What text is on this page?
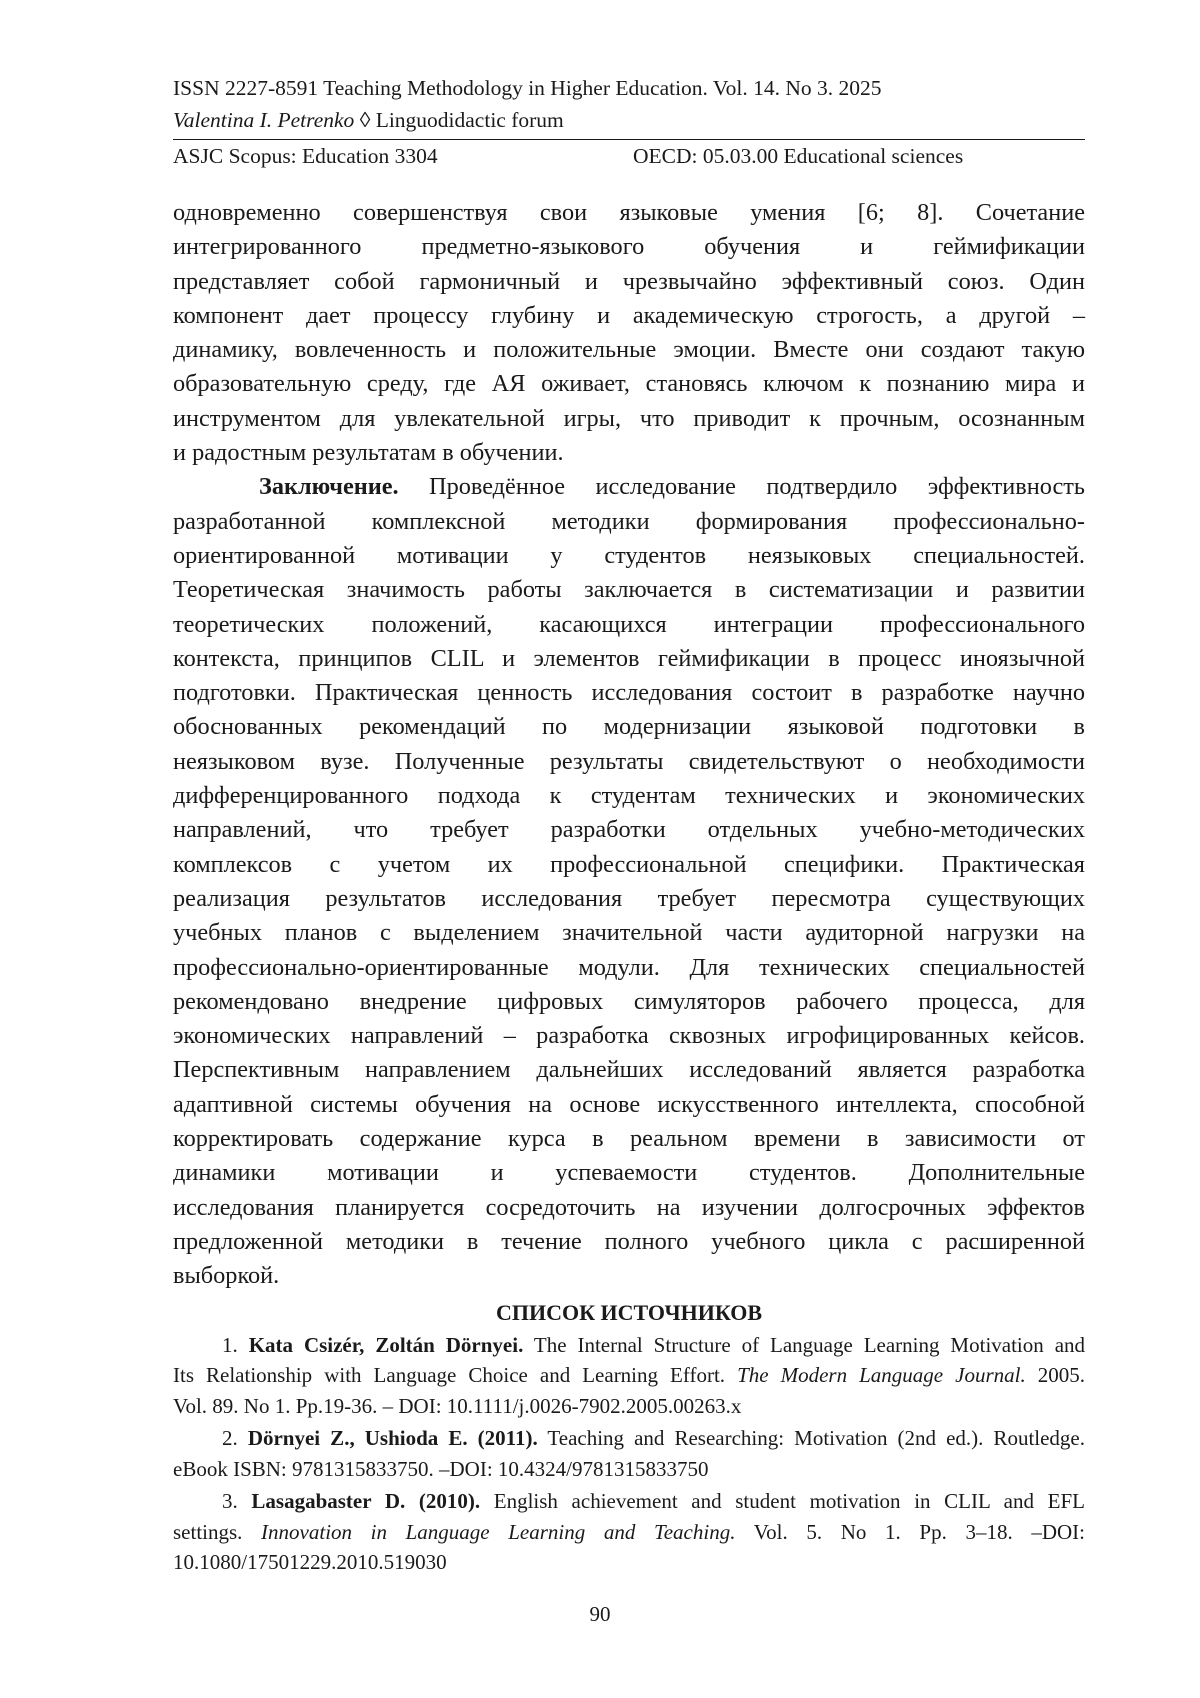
ISSN 2227-8591 Teaching Methodology in Higher Education. Vol. 14. No 3. 2025
Valentina I. Petrenko ◊ Linguodidactic forum
ASJC Scopus: Education 3304	OECD: 05.03.00 Educational sciences
одновременно совершенствуя свои языковые умения [6; 8]. Сочетание
интегрированного предметно-языкового обучения и геймификации
представляет собой гармоничный и чрезвычайно эффективный союз. Один
компонент дает процессу глубину и академическую строгость, а другой –
динамику, вовлеченность и положительные эмоции. Вместе они создают такую
образовательную среду, где АЯ оживает, становясь ключом к познанию мира и
инструментом для увлекательной игры, что приводит к прочным, осознанным
и радостным результатам в обучении.
Заключение. Проведённое исследование подтвердило эффективность
разработанной комплексной методики формирования профессионально-
ориентированной мотивации у студентов неязыковых специальностей.
Теоретическая значимость работы заключается в систематизации и развитии
теоретических положений, касающихся интеграции профессионального
контекста, принципов CLIL и элементов геймификации в процесс иноязычной
подготовки. Практическая ценность исследования состоит в разработке научно
обоснованных рекомендаций по модернизации языковой подготовки в
неязыковом вузе. Полученные результаты свидетельствуют о необходимости
дифференцированного подхода к студентам технических и экономических
направлений, что требует разработки отдельных учебно-методических
комплексов с учетом их профессиональной специфики. Практическая
реализация результатов исследования требует пересмотра существующих
учебных планов с выделением значительной части аудиторной нагрузки на
профессионально-ориентированные модули. Для технических специальностей
рекомендовано внедрение цифровых симуляторов рабочего процесса, для
экономических направлений – разработка сквозных игрофицированных кейсов.
Перспективным направлением дальнейших исследований является разработка
адаптивной системы обучения на основе искусственного интеллекта, способной
корректировать содержание курса в реальном времени в зависимости от
динамики мотивации и успеваемости студентов. Дополнительные
исследования планируется сосредоточить на изучении долгосрочных эффектов
предложенной методики в течение полного учебного цикла с расширенной
выборкой.
СПИСОК ИСТОЧНИКОВ
1. Kata Csizér, Zoltán Dörnyei. The Internal Structure of Language Learning Motivation and
Its Relationship with Language Choice and Learning Effort. The Modern Language Journal. 2005.
Vol. 89. No 1. Pp.19-36. – DOI: 10.1111/j.0026-7902.2005.00263.x
2. Dörnyei Z., Ushioda E. (2011). Teaching and Researching: Motivation (2nd ed.). Routledge.
eBook ISBN: 9781315833750. –DOI: 10.4324/9781315833750
3. Lasagabaster D. (2010). English achievement and student motivation in CLIL and EFL
settings. Innovation in Language Learning and Teaching. Vol. 5. No 1. Pp. 3–18. –DOI:
10.1080/17501229.2010.519030
90
